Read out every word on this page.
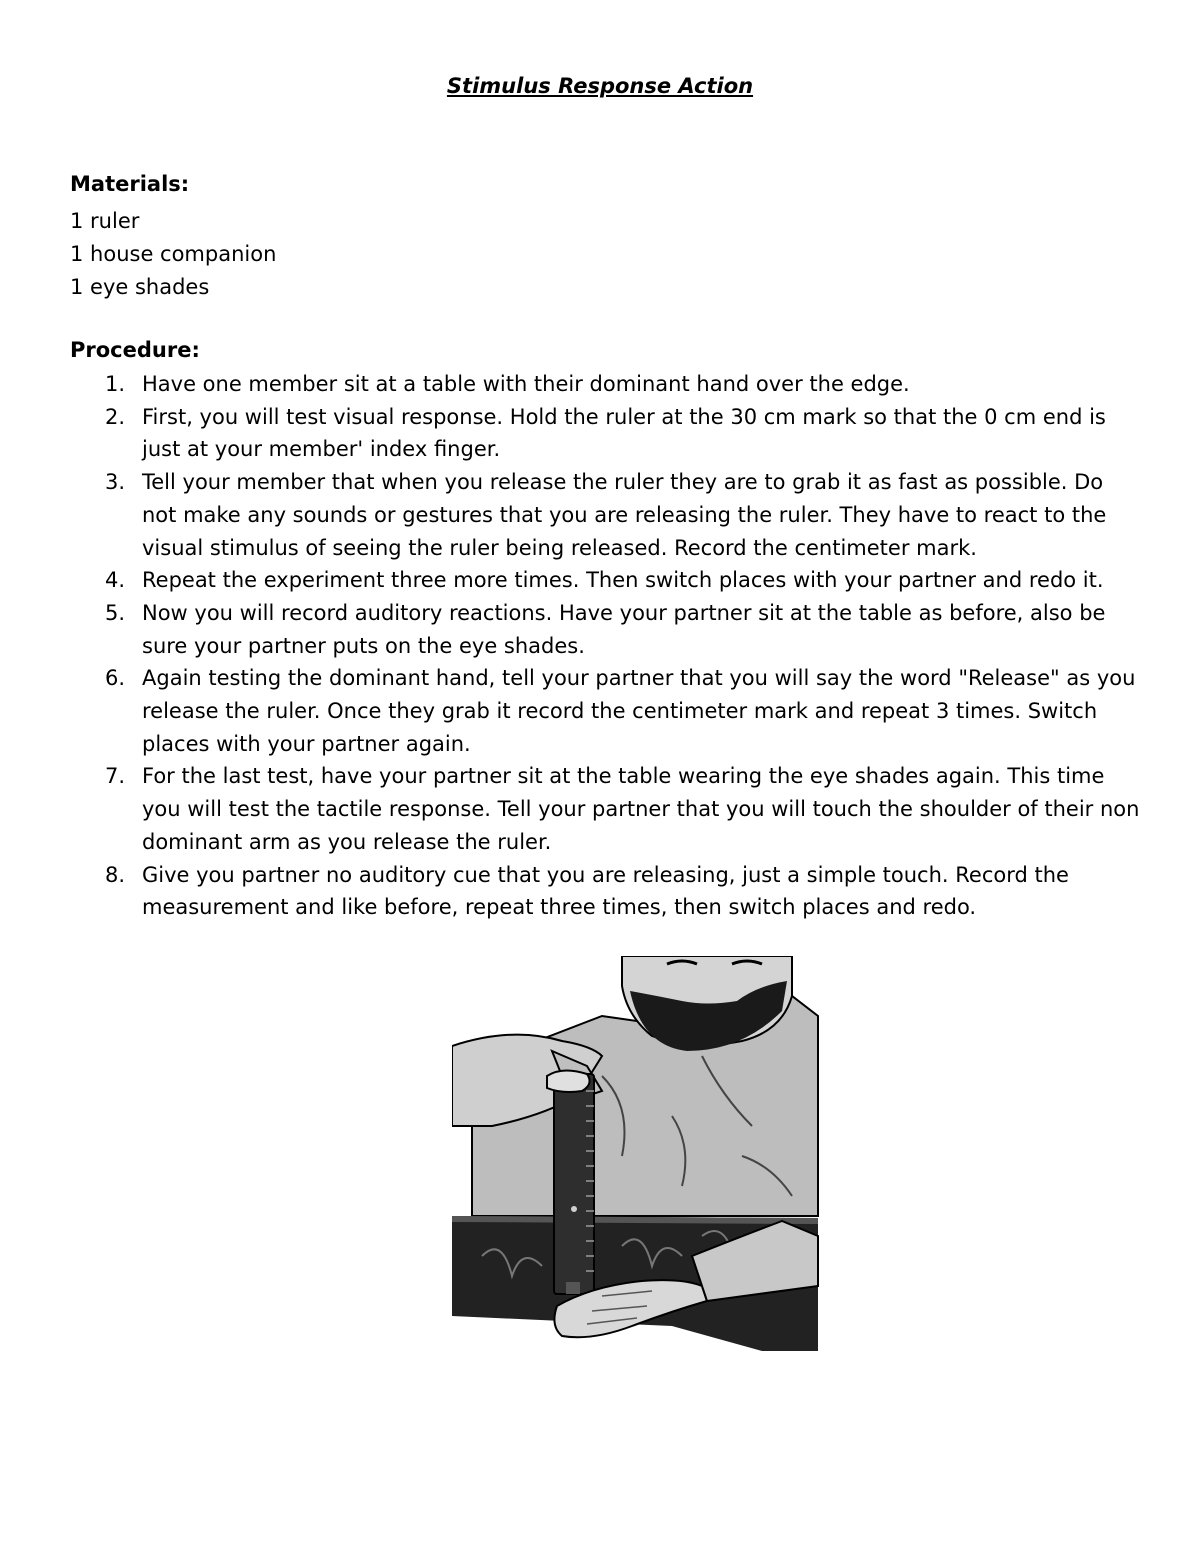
Stimulus Response Action
Materials:
1 ruler
1 house companion
1 eye shades
Procedure:
1. Have one member sit at a table with their dominant hand over the edge.
2. First, you will test visual response. Hold the ruler at the 30 cm mark so that the 0 cm end is just at your member' index finger.
3. Tell your member that when you release the ruler they are to grab it as fast as possible. Do not make any sounds or gestures that you are releasing the ruler. They have to react to the visual stimulus of seeing the ruler being released. Record the centimeter mark.
4. Repeat the experiment three more times. Then switch places with your partner and redo it.
5. Now you will record auditory reactions. Have your partner sit at the table as before, also be sure your partner puts on the eye shades.
6. Again testing the dominant hand, tell your partner that you will say the word "Release" as you release the ruler. Once they grab it record the centimeter mark and repeat 3 times. Switch places with your partner again.
7. For the last test, have your partner sit at the table wearing the eye shades again. This time you will test the tactile response. Tell your partner that you will touch the shoulder of their non dominant arm as you release the ruler.
8. Give you partner no auditory cue that you are releasing, just a simple touch. Record the measurement and like before, repeat three times, then switch places and redo.
